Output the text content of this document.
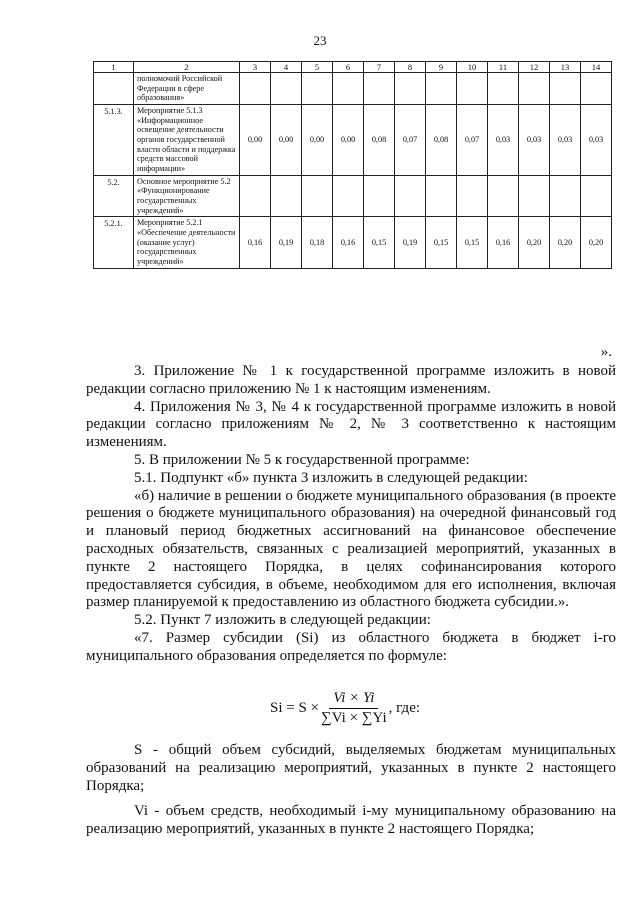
23
1	2	3	4	5	6	7	8	9	10	11	12	13	14
	полномочий Российской Федерации в сфере образования»												
5.1.3.	Мероприятие 5.1.3 «Информационное освещение деятельности органов государственной власти области и поддержка средств массовой информации»	0,00	0,00	0,00	0,00	0,08	0,07	0,08	0,07	0,03	0,03	0,03	0,03
5.2.	Основное мероприятие 5.2 «Функционирование государственных учреждений»												
5.2.1.	Мероприятие 5.2.1 «Обеспечение деятельности (оказание услуг) государственных учреждений»	0,16	0,19	0,18	0,16	0,15	0,19	0,15	0,15	0,16	0,20	0,20	0,20
».

3. Приложение № 1 к государственной программе изложить в новой редакции согласно приложению № 1 к настоящим изменениям.

4. Приложения № 3, № 4 к государственной программе изложить в новой редакции согласно приложениям № 2, № 3 соответственно к настоящим изменениям.

5. В приложении № 5 к государственной программе:

5.1. Подпункт «б» пункта 3 изложить в следующей редакции:

«б) наличие в решении о бюджете муниципального образования (в проекте решения о бюджете муниципального образования) на очередной финансовый год и плановый период бюджетных ассигнований на финансовое обеспечение расходных обязательств, связанных с реализацией мероприятий, указанных в пункте 2 настоящего Порядка, в целях софинансирования которого предоставляется субсидия, в объеме, необходимом для его исполнения, включая размер планируемой к предоставлению из областного бюджета субсидии.».

5.2. Пункт 7 изложить в следующей редакции:

«7. Размер субсидии (Si) из областного бюджета в бюджет i-го муниципального образования определяется по формуле:

$Si = S \times \frac{Vi \times Yi}{\sum Vi \times \sum Yi}$ , где:

S - общий объем субсидий, выделяемых бюджетам муниципальных образований на реализацию мероприятий, указанных в пункте 2 настоящего Порядка;

Vi - объем средств, необходимый i-му муниципальному образованию на реализацию мероприятий, указанных в пункте 2 настоящего Порядка;
